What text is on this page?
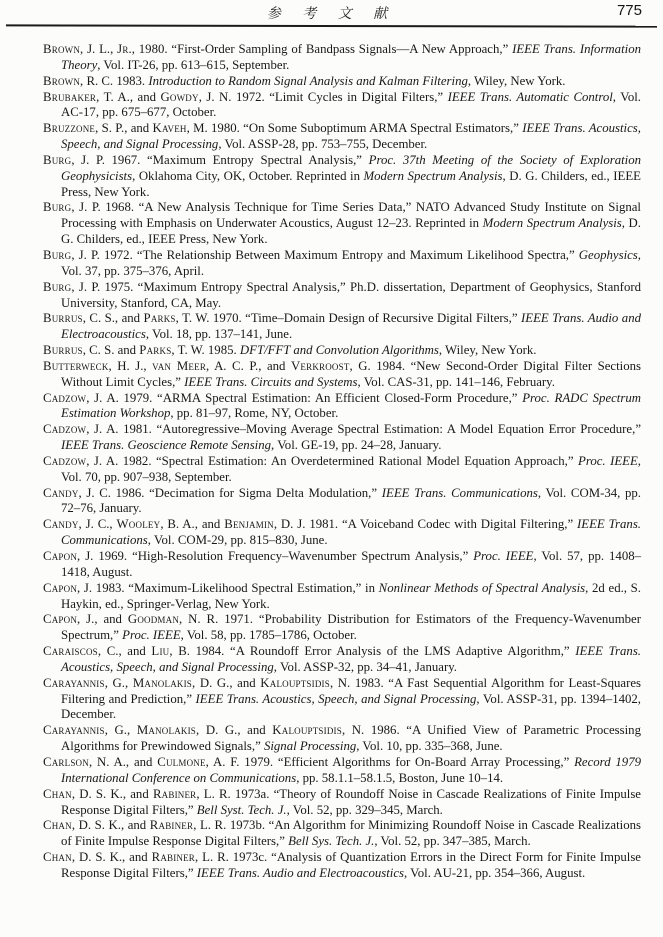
参 考 文 献	775

Brown, J. L., Jr., 1980. “First-Order Sampling of Bandpass Signals—A New Approach,” IEEE Trans. Information Theory, Vol. IT-26, pp. 613–615, September.

Brown, R. C. 1983. Introduction to Random Signal Analysis and Kalman Filtering, Wiley, New York.

Brubaker, T. A., and Gowdy, J. N. 1972. “Limit Cycles in Digital Filters,” IEEE Trans. Automatic Control, Vol. AC-17, pp. 675–677, October.

Bruzzone, S. P., and Kaveh, M. 1980. “On Some Suboptimum ARMA Spectral Estimators,” IEEE Trans. Acoustics, Speech, and Signal Processing, Vol. ASSP-28, pp. 753–755, December.

Burg, J. P. 1967. “Maximum Entropy Spectral Analysis,” Proc. 37th Meeting of the Society of Exploration Geophysicists, Oklahoma City, OK, October. Reprinted in Modern Spectrum Analysis, D. G. Childers, ed., IEEE Press, New York.

Burg, J. P. 1968. “A New Analysis Technique for Time Series Data,” NATO Advanced Study Institute on Signal Processing with Emphasis on Underwater Acoustics, August 12–23. Reprinted in Modern Spectrum Analysis, D. G. Childers, ed., IEEE Press, New York.

Burg, J. P. 1972. “The Relationship Between Maximum Entropy and Maximum Likelihood Spectra,” Geophysics, Vol. 37, pp. 375–376, April.

Burg, J. P. 1975. “Maximum Entropy Spectral Analysis,” Ph.D. dissertation, Department of Geophysics, Stanford University, Stanford, CA, May.

Burrus, C. S., and Parks, T. W. 1970. “Time–Domain Design of Recursive Digital Filters,” IEEE Trans. Audio and Electroacoustics, Vol. 18, pp. 137–141, June.

Burrus, C. S. and Parks, T. W. 1985. DFT/FFT and Convolution Algorithms, Wiley, New York.

Butterweck, H. J., van Meer, A. C. P., and Verkroost, G. 1984. “New Second-Order Digital Filter Sections Without Limit Cycles,” IEEE Trans. Circuits and Systems, Vol. CAS-31, pp. 141–146, February.

Cadzow, J. A. 1979. “ARMA Spectral Estimation: An Efficient Closed-Form Procedure,” Proc. RADC Spectrum Estimation Workshop, pp. 81–97, Rome, NY, October.

Cadzow, J. A. 1981. “Autoregressive–Moving Average Spectral Estimation: A Model Equation Error Procedure,” IEEE Trans. Geoscience Remote Sensing, Vol. GE-19, pp. 24–28, January.

Cadzow, J. A. 1982. “Spectral Estimation: An Overdetermined Rational Model Equation Approach,” Proc. IEEE, Vol. 70, pp. 907–938, September.

Candy, J. C. 1986. “Decimation for Sigma Delta Modulation,” IEEE Trans. Communications, Vol. COM-34, pp. 72–76, January.

Candy, J. C., Wooley, B. A., and Benjamin, D. J. 1981. “A Voiceband Codec with Digital Filtering,” IEEE Trans. Communications, Vol. COM-29, pp. 815–830, June.

Capon, J. 1969. “High-Resolution Frequency–Wavenumber Spectrum Analysis,” Proc. IEEE, Vol. 57, pp. 1408–1418, August.

Capon, J. 1983. “Maximum-Likelihood Spectral Estimation,” in Nonlinear Methods of Spectral Analysis, 2d ed., S. Haykin, ed., Springer-Verlag, New York.

Capon, J., and Goodman, N. R. 1971. “Probability Distribution for Estimators of the Frequency-Wavenumber Spectrum,” Proc. IEEE, Vol. 58, pp. 1785–1786, October.

Caraiscos, C., and Liu, B. 1984. “A Roundoff Error Analysis of the LMS Adaptive Algorithm,” IEEE Trans. Acoustics, Speech, and Signal Processing, Vol. ASSP-32, pp. 34–41, January.

Carayannis, G., Manolakis, D. G., and Kalouptsidis, N. 1983. “A Fast Sequential Algorithm for Least-Squares Filtering and Prediction,” IEEE Trans. Acoustics, Speech, and Signal Processing, Vol. ASSP-31, pp. 1394–1402, December.

Carayannis, G., Manolakis, D. G., and Kalouptsidis, N. 1986. “A Unified View of Parametric Processing Algorithms for Prewindowed Signals,” Signal Processing, Vol. 10, pp. 335–368, June.

Carlson, N. A., and Culmone, A. F. 1979. “Efficient Algorithms for On-Board Array Processing,” Record 1979 International Conference on Communications, pp. 58.1.1–58.1.5, Boston, June 10–14.

Chan, D. S. K., and Rabiner, L. R. 1973a. “Theory of Roundoff Noise in Cascade Realizations of Finite Impulse Response Digital Filters,” Bell Syst. Tech. J., Vol. 52, pp. 329–345, March.

Chan, D. S. K., and Rabiner, L. R. 1973b. “An Algorithm for Minimizing Roundoff Noise in Cascade Realizations of Finite Impulse Response Digital Filters,” Bell Sys. Tech. J., Vol. 52, pp. 347–385, March.

Chan, D. S. K., and Rabiner, L. R. 1973c. “Analysis of Quantization Errors in the Direct Form for Finite Impulse Response Digital Filters,” IEEE Trans. Audio and Electroacoustics, Vol. AU-21, pp. 354–366, August.
